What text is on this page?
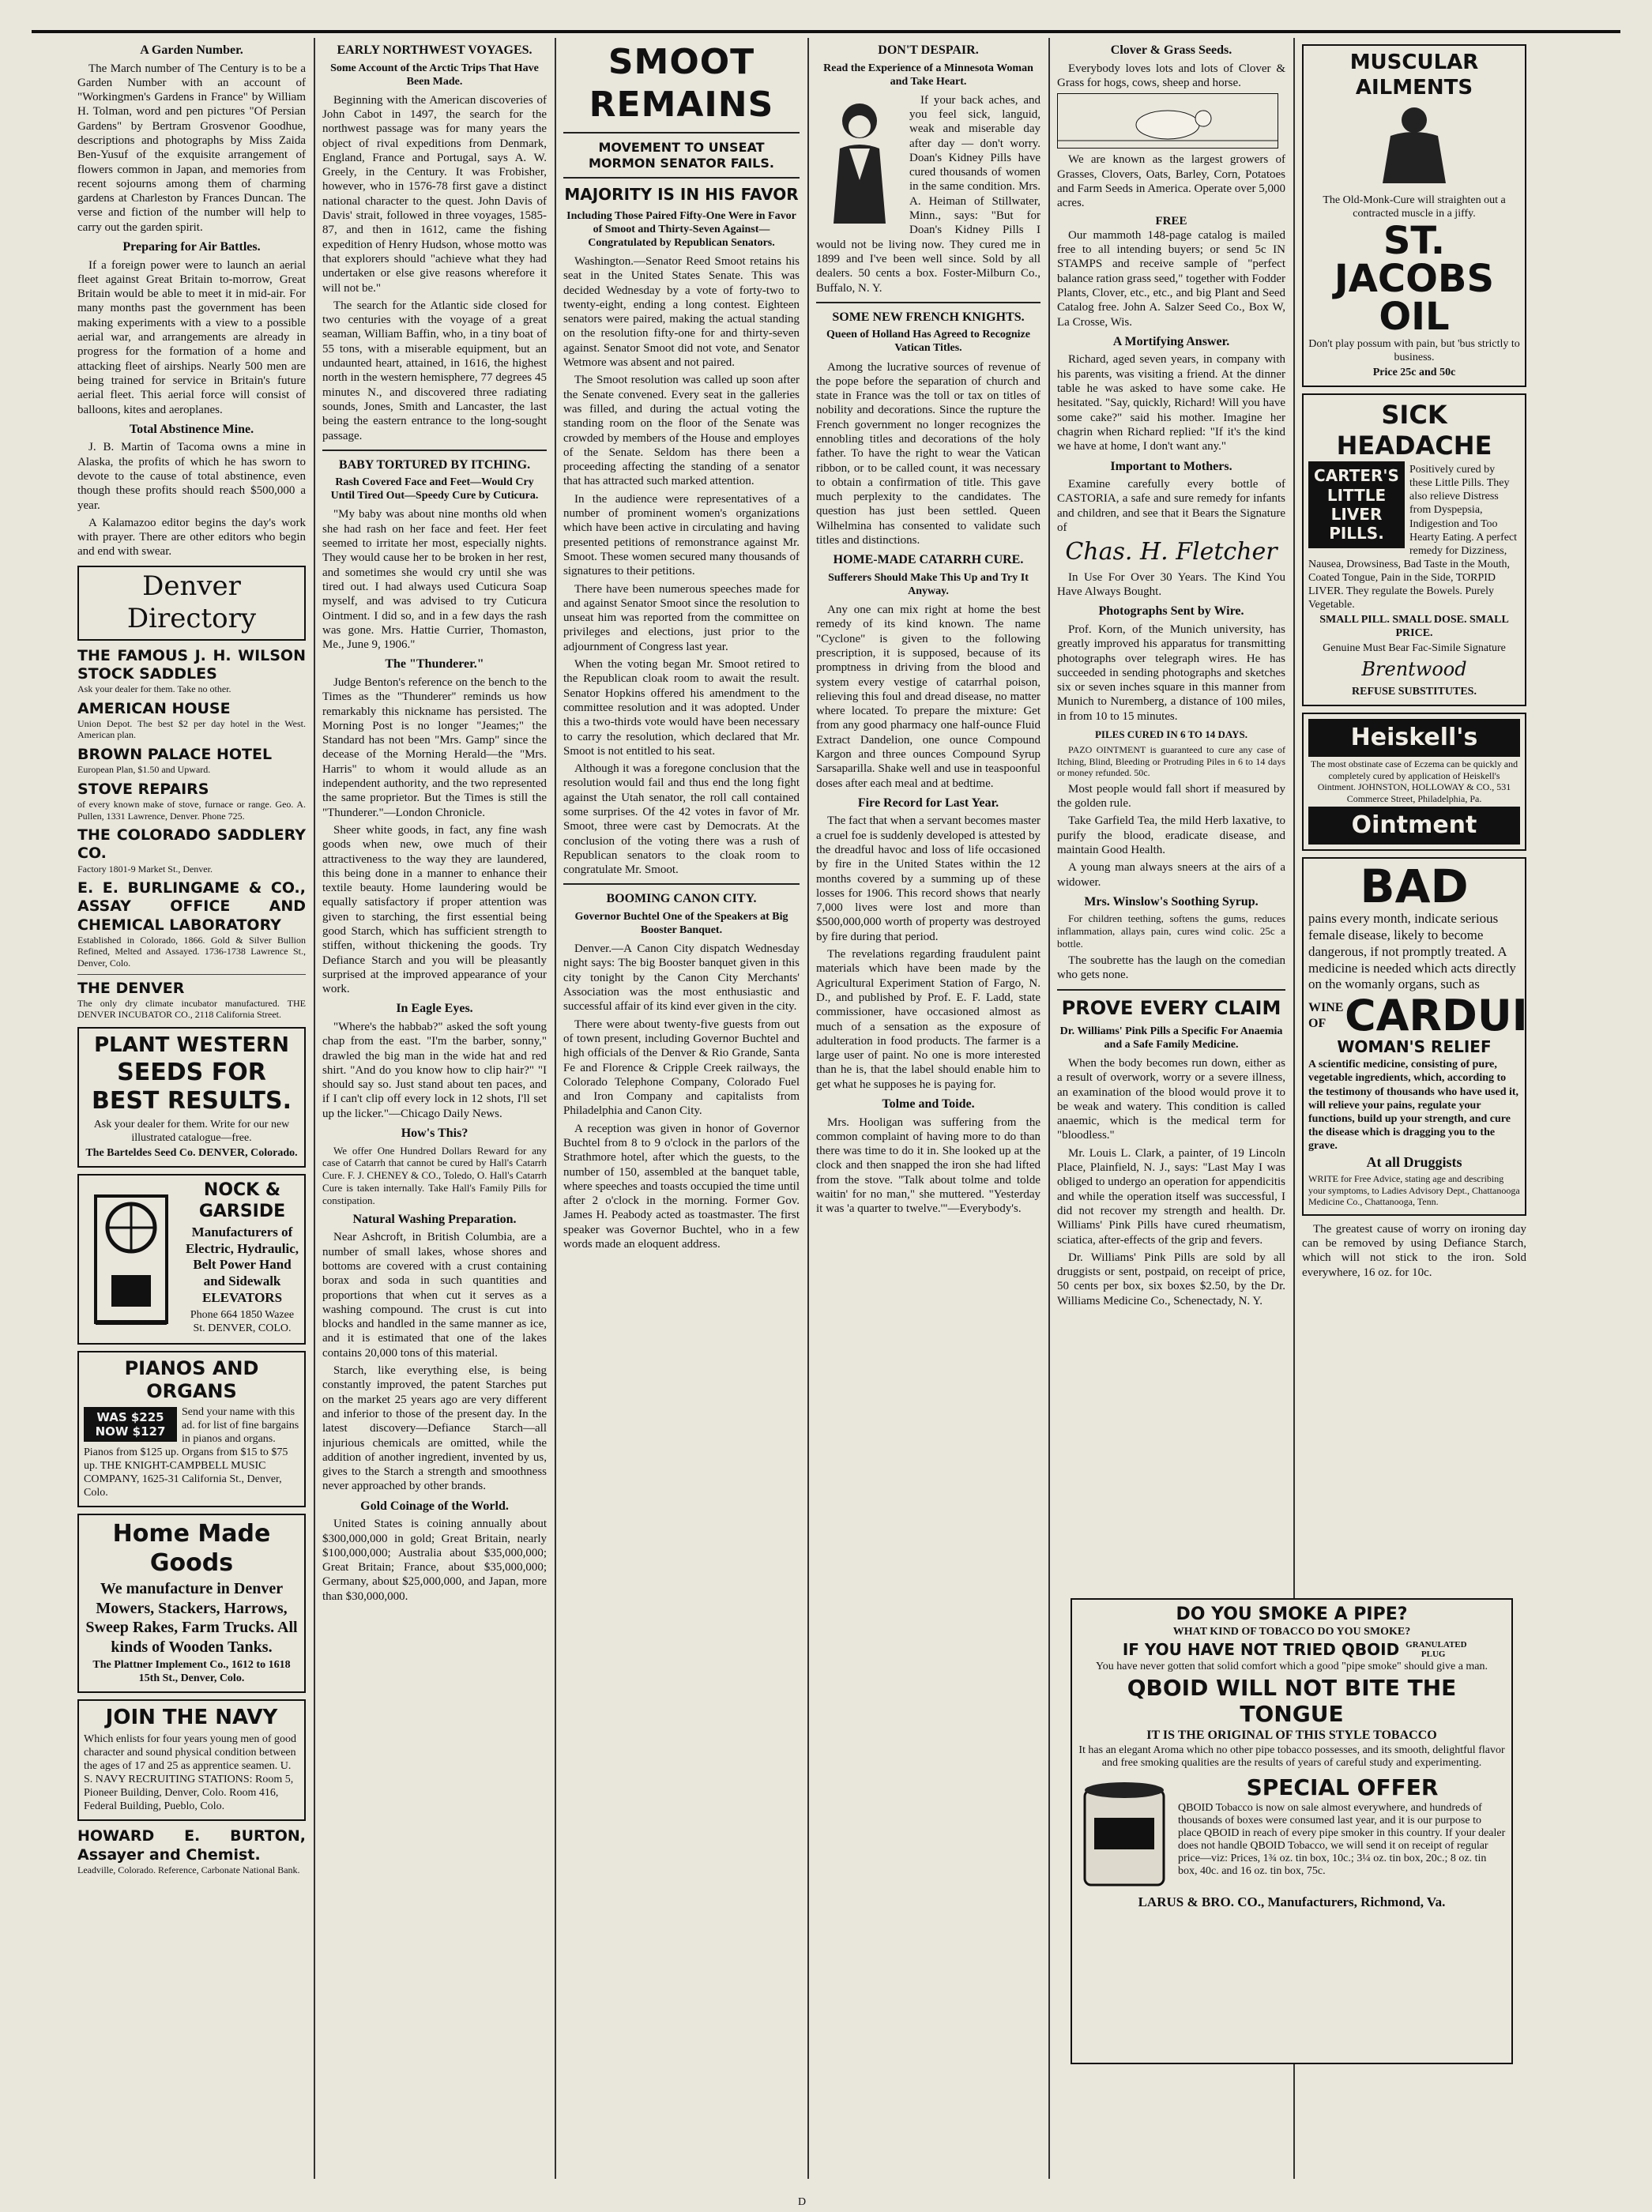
A Garden Number.

The March number of The Century is to be a Garden Number with an account of "Workingmen's Gardens in France" by William H. Tolman, word and pen pictures "Of Persian Gardens" by Bertram Grosvenor Goodhue, descriptions and photographs by Miss Zaida Ben-Yusuf of the exquisite arrangement of flowers common in Japan, and memories from recent sojourns among them of charming gardens at Charleston by Frances Duncan. The verse and fiction of the number will help to carry out the garden spirit.

Preparing for Air Battles.

If a foreign power were to launch an aerial fleet against Great Britain to-morrow, Great Britain would be able to meet it in mid-air. For many months past the government has been making experiments with a view to a possible aerial war, and arrangements are already in progress for the formation of a home and attacking fleet of airships. Nearly 500 men are being trained for service in Britain's future aerial fleet. This aerial force will consist of balloons, kites and aeroplanes.

Total Abstinence Mine.

J. B. Martin of Tacoma owns a mine in Alaska, the profits of which he has sworn to devote to the cause of total abstinence, even though these profits should reach $500,000 a year.

A Kalamazoo editor begins the day's work with prayer. There are other editors who begin and end with swear.

Denver Directory
THE FAMOUS J. H. WILSON STOCK SADDLES
Ask your dealer for them. Take no other.
AMERICAN HOUSE
Union Depot. The best $2 per day hotel in the West. American plan.
BROWN PALACE HOTEL
European Plan, $1.50 and Upward.
STOVE REPAIRS
of every known make of stove, furnace or range. Geo. A. Pullen, 1331 Lawrence, Denver. Phone 725.
THE COLORADO SADDLERY CO.
Factory 1801-9 Market St., Denver.
E. E. BURLINGAME & CO., ASSAY OFFICE AND CHEMICAL LABORATORY
Established in Colorado, 1866. Gold & Silver Bullion Refined, Melted and Assayed. 1736-1738 Lawrence St., Denver, Colo.
THE DENVER
The only dry climate incubator manufactured. THE DENVER INCUBATOR CO., 2118 California Street.
PLANT WESTERN
SEEDS FOR BEST RESULTS.
Ask your dealer for them. Write for our new illustrated catalogue—free.
The Barteldes Seed Co. DENVER, Colorado.
NOCK & GARSIDE
Manufacturers of Electric, Hydraulic, Belt Power Hand and Sidewalk ELEVATORS
Phone 664 1850 Wazee St. DENVER, COLO.
PIANOS AND ORGANS
WAS $225
NOW $127
Send your name with this ad. for list of fine bargains in pianos and organs. Pianos from $125 up. Organs from $15 to $75 up. THE KNIGHT-CAMPBELL MUSIC COMPANY, 1625-31 California St., Denver, Colo.
Home Made Goods
We manufacture in Denver Mowers, Stackers, Harrows, Sweep Rakes, Farm Trucks. All kinds of Wooden Tanks.
The Plattner Implement Co., 1612 to 1618 15th St., Denver, Colo.
JOIN THE NAVY
Which enlists for four years young men of good character and sound physical condition between the ages of 17 and 25 as apprentice seamen. U. S. NAVY RECRUITING STATIONS: Room 5, Pioneer Building, Denver, Colo. Room 416, Federal Building, Pueblo, Colo.
HOWARD E. BURTON, Assayer and Chemist.
Leadville, Colorado. Reference, Carbonate National Bank.
EARLY NORTHWEST VOYAGES.
Some Account of the Arctic Trips That Have Been Made.

Beginning with the American discoveries of John Cabot in 1497, the search for the northwest passage was for many years the object of rival expeditions from Denmark, England, France and Portugal, says A. W. Greely, in the Century. It was Frobisher, however, who in 1576-78 first gave a distinct national character to the quest. John Davis of Davis' strait, followed in three voyages, 1585-87, and then in 1612, came the fishing expedition of Henry Hudson, whose motto was that explorers should "achieve what they had undertaken or else give reasons wherefore it will not be."

The search for the Atlantic side closed for two centuries with the voyage of a great seaman, William Baffin, who, in a tiny boat of 55 tons, with a miserable equipment, but an undaunted heart, attained, in 1616, the highest north in the western hemisphere, 77 degrees 45 minutes N., and discovered three radiating sounds, Jones, Smith and Lancaster, the last being the eastern entrance to the long-sought passage.

BABY TORTURED BY ITCHING.
Rash Covered Face and Feet—Would Cry Until Tired Out—Speedy Cure by Cuticura.

"My baby was about nine months old when she had rash on her face and feet. Her feet seemed to irritate her most, especially nights. They would cause her to be broken in her rest, and sometimes she would cry until she was tired out. I had always used Cuticura Soap myself, and was advised to try Cuticura Ointment. I did so, and in a few days the rash was gone. Mrs. Hattie Currier, Thomaston, Me., June 9, 1906."

The "Thunderer."

Judge Benton's reference on the bench to the Times as the "Thunderer" reminds us how remarkably this nickname has persisted. The Morning Post is no longer "Jeames;" the Standard has not been "Mrs. Gamp" since the decease of the Morning Herald—the "Mrs. Harris" to whom it would allude as an independent authority, and the two represented the same proprietor. But the Times is still the "Thunderer."—London Chronicle.

Sheer white goods, in fact, any fine wash goods when new, owe much of their attractiveness to the way they are laundered, this being done in a manner to enhance their textile beauty. Home laundering would be equally satisfactory if proper attention was given to starching, the first essential being good Starch, which has sufficient strength to stiffen, without thickening the goods. Try Defiance Starch and you will be pleasantly surprised at the improved appearance of your work.

In Eagle Eyes.

"Where's the habbab?" asked the soft young chap from the east. "I'm the barber, sonny," drawled the big man in the wide hat and red shirt. "And do you know how to clip hair?" "I should say so. Just stand about ten paces, and if I can't clip off every lock in 12 shots, I'll set up the licker."—Chicago Daily News.

How's This?

We offer One Hundred Dollars Reward for any case of Catarrh that cannot be cured by Hall's Catarrh Cure. F. J. CHENEY & CO., Toledo, O. Hall's Catarrh Cure is taken internally. Take Hall's Family Pills for constipation.

Natural Washing Preparation.

Near Ashcroft, in British Columbia, are a number of small lakes, whose shores and bottoms are covered with a crust containing borax and soda in such quantities and proportions that when cut it serves as a washing compound. The crust is cut into blocks and handled in the same manner as ice, and it is estimated that one of the lakes contains 20,000 tons of this material.

Starch, like everything else, is being constantly improved, the patent Starches put on the market 25 years ago are very different and inferior to those of the present day. In the latest discovery—Defiance Starch—all injurious chemicals are omitted, while the addition of another ingredient, invented by us, gives to the Starch a strength and smoothness never approached by other brands.

Gold Coinage of the World.

United States is coining annually about $300,000,000 in gold; Great Britain, nearly $100,000,000; Australia about $35,000,000; Great Britain; France, about $35,000,000; Germany, about $25,000,000, and Japan, more than $30,000,000.

SMOOT REMAINS
MOVEMENT TO UNSEAT MORMON SENATOR FAILS.
MAJORITY IS IN HIS FAVOR
Including Those Paired Fifty-One Were in Favor of Smoot and Thirty-Seven Against—Congratulated by Republican Senators.

Washington.—Senator Reed Smoot retains his seat in the United States Senate. This was decided Wednesday by a vote of forty-two to twenty-eight, ending a long contest. Eighteen senators were paired, making the actual standing on the resolution fifty-one for and thirty-seven against. Senator Smoot did not vote, and Senator Wetmore was absent and not paired.

The Smoot resolution was called up soon after the Senate convened. Every seat in the galleries was filled, and during the actual voting the standing room on the floor of the Senate was crowded by members of the House and employes of the Senate. Seldom has there been a proceeding affecting the standing of a senator that has attracted such marked attention.

In the audience were representatives of a number of prominent women's organizations which have been active in circulating and having presented petitions of remonstrance against Mr. Smoot. These women secured many thousands of signatures to their petitions.

There have been numerous speeches made for and against Senator Smoot since the resolution to unseat him was reported from the committee on privileges and elections, just prior to the adjournment of Congress last year.

When the voting began Mr. Smoot retired to the Republican cloak room to await the result. Senator Hopkins offered his amendment to the committee resolution and it was adopted. Under this a two-thirds vote would have been necessary to carry the resolution, which declared that Mr. Smoot is not entitled to his seat.

Although it was a foregone conclusion that the resolution would fail and thus end the long fight against the Utah senator, the roll call contained some surprises. Of the 42 votes in favor of Mr. Smoot, three were cast by Democrats. At the conclusion of the voting there was a rush of Republican senators to the cloak room to congratulate Mr. Smoot.

BOOMING CANON CITY.
Governor Buchtel One of the Speakers at Big Booster Banquet.

Denver.—A Canon City dispatch Wednesday night says: The big Booster banquet given in this city tonight by the Canon City Merchants' Association was the most enthusiastic and successful affair of its kind ever given in the city.

There were about twenty-five guests from out of town present, including Governor Buchtel and high officials of the Denver & Rio Grande, Santa Fe and Florence & Cripple Creek railways, the Colorado Telephone Company, Colorado Fuel and Iron Company and capitalists from Philadelphia and Canon City.

A reception was given in honor of Governor Buchtel from 8 to 9 o'clock in the parlors of the Strathmore hotel, after which the guests, to the number of 150, assembled at the banquet table, where speeches and toasts occupied the time until after 2 o'clock in the morning. Former Gov. James H. Peabody acted as toastmaster. The first speaker was Governor Buchtel, who in a few words made an eloquent address.

DON'T DESPAIR.
Read the Experience of a Minnesota Woman and Take Heart.

If your back aches, and you feel sick, languid, weak and miserable day after day — don't worry. Doan's Kidney Pills have cured thousands of women in the same condition. Mrs. A. Heiman of Stillwater, Minn., says: "But for Doan's Kidney Pills I would not be living now. They cured me in 1899 and I've been well since. Sold by all dealers. 50 cents a box. Foster-Milburn Co., Buffalo, N. Y.

SOME NEW FRENCH KNIGHTS.
Queen of Holland Has Agreed to Recognize Vatican Titles.

Among the lucrative sources of revenue of the pope before the separation of church and state in France was the toll or tax on titles of nobility and decorations. Since the rupture the French government no longer recognizes the ennobling titles and decorations of the holy father. To have the right to wear the Vatican ribbon, or to be called count, it was necessary to obtain a confirmation of title. This gave much perplexity to the candidates. The question has just been settled. Queen Wilhelmina has consented to validate such titles and distinctions.

HOME-MADE CATARRH CURE.
Sufferers Should Make This Up and Try It Anyway.

Any one can mix right at home the best remedy of its kind known. The name "Cyclone" is given to the following prescription, it is supposed, because of its promptness in driving from the blood and system every vestige of catarrhal poison, relieving this foul and dread disease, no matter where located. To prepare the mixture: Get from any good pharmacy one half-ounce Fluid Extract Dandelion, one ounce Compound Kargon and three ounces Compound Syrup Sarsaparilla. Shake well and use in teaspoonful doses after each meal and at bedtime.

Fire Record for Last Year.

The fact that when a servant becomes master a cruel foe is suddenly developed is attested by the dreadful havoc and loss of life occasioned by fire in the United States within the 12 months covered by a summing up of these losses for 1906. This record shows that nearly 7,000 lives were lost and more than $500,000,000 worth of property was destroyed by fire during that period.

The revelations regarding fraudulent paint materials which have been made by the Agricultural Experiment Station of Fargo, N. D., and published by Prof. E. F. Ladd, state commissioner, have occasioned almost as much of a sensation as the exposure of adulteration in food products. The farmer is a large user of paint. No one is more interested than he is, that the label should enable him to get what he supposes he is paying for.

Tolme and Toide.

Mrs. Hooligan was suffering from the common complaint of having more to do than there was time to do it in. She looked up at the clock and then snapped the iron she had lifted from the stove. "Talk about tolme and tolde waitin' for no man," she muttered. "Yesterday it was 'a quarter to twelve.'"—Everybody's.

Clover & Grass Seeds.

Everybody loves lots and lots of Clover & Grass for hogs, cows, sheep and horse.

We are known as the largest growers of Grasses, Clovers, Oats, Barley, Corn, Potatoes and Farm Seeds in America. Operate over 5,000 acres.

FREE

Our mammoth 148-page catalog is mailed free to all intending buyers; or send 5c IN STAMPS and receive sample of "perfect balance ration grass seed," together with Fodder Plants, Clover, etc., etc., and big Plant and Seed Catalog free. John A. Salzer Seed Co., Box W, La Crosse, Wis.

A Mortifying Answer.

Richard, aged seven years, in company with his parents, was visiting a friend. At the dinner table he was asked to have some cake. He hesitated. "Say, quickly, Richard! Will you have some cake?" said his mother. Imagine her chagrin when Richard replied: "If it's the kind we have at home, I don't want any."

Important to Mothers.

Examine carefully every bottle of CASTORIA, a safe and sure remedy for infants and children, and see that it Bears the Signature of

Chas. H. Fletcher

In Use For Over 30 Years. The Kind You Have Always Bought.

Photographs Sent by Wire.

Prof. Korn, of the Munich university, has greatly improved his apparatus for transmitting photographs over telegraph wires. He has succeeded in sending photographs and sketches six or seven inches square in this manner from Munich to Nuremberg, a distance of 100 miles, in from 10 to 15 minutes.

PILES CURED IN 6 TO 14 DAYS.

PAZO OINTMENT is guaranteed to cure any case of Itching, Blind, Bleeding or Protruding Piles in 6 to 14 days or money refunded. 50c.

Most people would fall short if measured by the golden rule.

Take Garfield Tea, the mild Herb laxative, to purify the blood, eradicate disease, and maintain Good Health.

A young man always sneers at the airs of a widower.

Mrs. Winslow's Soothing Syrup.

For children teething, softens the gums, reduces inflammation, allays pain, cures wind colic. 25c a bottle.

The soubrette has the laugh on the comedian who gets none.

PROVE EVERY CLAIM
Dr. Williams' Pink Pills a Specific For Anaemia and a Safe Family Medicine.

When the body becomes run down, either as a result of overwork, worry or a severe illness, an examination of the blood would prove it to be weak and watery. This condition is called anaemic, which is the medical term for "bloodless."

Mr. Louis L. Clark, a painter, of 19 Lincoln Place, Plainfield, N. J., says: "Last May I was obliged to undergo an operation for appendicitis and while the operation itself was successful, I did not recover my strength and health. Dr. Williams' Pink Pills have cured rheumatism, sciatica, after-effects of the grip and fevers.

Dr. Williams' Pink Pills are sold by all druggists or sent, postpaid, on receipt of price, 50 cents per box, six boxes $2.50, by the Dr. Williams Medicine Co., Schenectady, N. Y.

MUSCULAR AILMENTS
The Old-Monk-Cure will straighten out a contracted muscle in a jiffy.
ST.
JACOBS OIL
Don't play possum with pain, but 'bus strictly to business.
Price 25c and 50c
SICK HEADACHE
CARTER'S LITTLE LIVER PILLS.
Positively cured by these Little Pills. They also relieve Distress from Dyspepsia, Indigestion and Too Hearty Eating. A perfect remedy for Dizziness, Nausea, Drowsiness, Bad Taste in the Mouth, Coated Tongue, Pain in the Side, TORPID LIVER. They regulate the Bowels. Purely Vegetable.
SMALL PILL. SMALL DOSE. SMALL PRICE.
Genuine Must Bear Fac-Simile Signature
Brentwood
REFUSE SUBSTITUTES.
Heiskell's
The most obstinate case of Eczema can be quickly and completely cured by application of Heiskell's Ointment. JOHNSTON, HOLLOWAY & CO., 531 Commerce Street, Philadelphia, Pa.
Ointment
BAD
pains every month, indicate serious female disease, likely to become dangerous, if not promptly treated. A medicine is needed which acts directly on the womanly organs, such as
WINE OF CARDUI
WOMAN'S RELIEF
A scientific medicine, consisting of pure, vegetable ingredients, which, according to the testimony of thousands who have used it, will relieve your pains, regulate your functions, build up your strength, and cure the disease which is dragging you to the grave.
At all Druggists
WRITE for Free Advice, stating age and describing your symptoms, to Ladies Advisory Dept., Chattanooga Medicine Co., Chattanooga, Tenn.

The greatest cause of worry on ironing day can be removed by using Defiance Starch, which will not stick to the iron. Sold everywhere, 16 oz. for 10c.

DO YOU SMOKE A PIPE?
WHAT KIND OF TOBACCO DO YOU SMOKE?
IF YOU HAVE NOT TRIED QBOID GRANULATED PLUG
You have never gotten that solid comfort which a good "pipe smoke" should give a man.
QBOID WILL NOT BITE THE TONGUE
IT IS THE ORIGINAL OF THIS STYLE TOBACCO
It has an elegant Aroma which no other pipe tobacco possesses, and its smooth, delightful flavor and free smoking qualities are the results of years of careful study and experimenting.
SPECIAL OFFER
QBOID Tobacco is now on sale almost everywhere, and hundreds of thousands of boxes were consumed last year, and it is our purpose to place QBOID in reach of every pipe smoker in this country. If your dealer does not handle QBOID Tobacco, we will send it on receipt of regular price—viz: Prices, 1¾ oz. tin box, 10c.; 3¼ oz. tin box, 20c.; 8 oz. tin box, 40c. and 16 oz. tin box, 75c.
LARUS & BRO. CO., Manufacturers, Richmond, Va.
D
